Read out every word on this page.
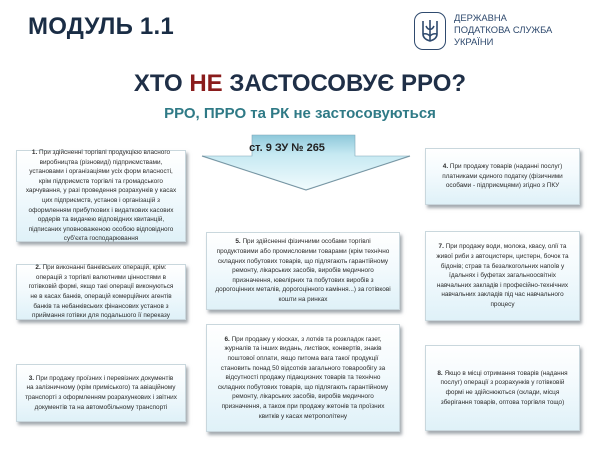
МОДУЛЬ 1.1	ДЕРЖАВНА
ПОДАТКОВА СЛУЖБА
УКРАЇНИ
ХТО НЕ ЗАСТОСОВУЄ РРО?
РРО, ПРРО та РК не застосовуються
ст. 9 ЗУ № 265

1. При здійсненні торгівлі продукцією власного виробництва (різновиді) підприємствами, установами і організаціями усіх форм власності, крім підприємств торгівлі та громадського харчування, у разі проведення розрахунків у касах цих підприємств, установ і організацій з оформленням прибуткових і видаткових касових ордерів та видачею відповідних квитанцій, підписаних уповноваженою особою відповідного суб'єкта господарювання

2. При виконанні банківських операцій, крім: операцій з торгівлі валютними цінностями в готівковій формі, якщо такі операції виконуються не в касах банків, операцій комерційних агентів банків та небанківських фінансових установ з приймання готівки для подальшого її переказу

3. При продажу проїзних і перевізних документів на залізничному (крім приміського) та авіаційному транспорті з оформленням розрахункових і звітних документів та на автомобільному транспорті

4. При продажу товарів (наданні послуг) платниками єдиного податку (фізичними особами - підприємцями) згідно з ПКУ

5. При здійсненні фізичними особами торгівлі продуктовими або промисловими товарами (крім технічно складних побутових товарів, що підлягають гарантійному ремонту, лікарських засобів, виробів медичного призначення, ювелірних та побутових виробів з дорогоцінних металів, дорогоцінного каміння...) за готівкові кошти на ринках

6. При продажу у кіосках, з лотків та розкладок газет, журналів та інших видань, листівок, конвертів, знаків поштової оплати, якщо питома вага такої продукції становить понад 50 відсотків загального товарообігу за відсутності продажу підакцизних товарів та технічно складних побутових товарів, що підлягають гарантійному ремонту, лікарських засобів, виробів медичного призначення, а також при продажу жетонів та проїзних квитків у касах метрополітену

7. При продажу води, молока, квасу, олії та живої риби з автоцистерн, цистерн, бочок та бідонів; страв та безалкогольних напоїв у їдальнях і буфетах загальноосвітніх навчальних закладів і професійно-технічних навчальних закладів під час навчального процесу

8. Якщо в місці отримання товарів (надання послуг) операції з розрахунків у готівковій формі не здійснюються (склади, місця зберігання товарів, оптова торгівля тощо)
